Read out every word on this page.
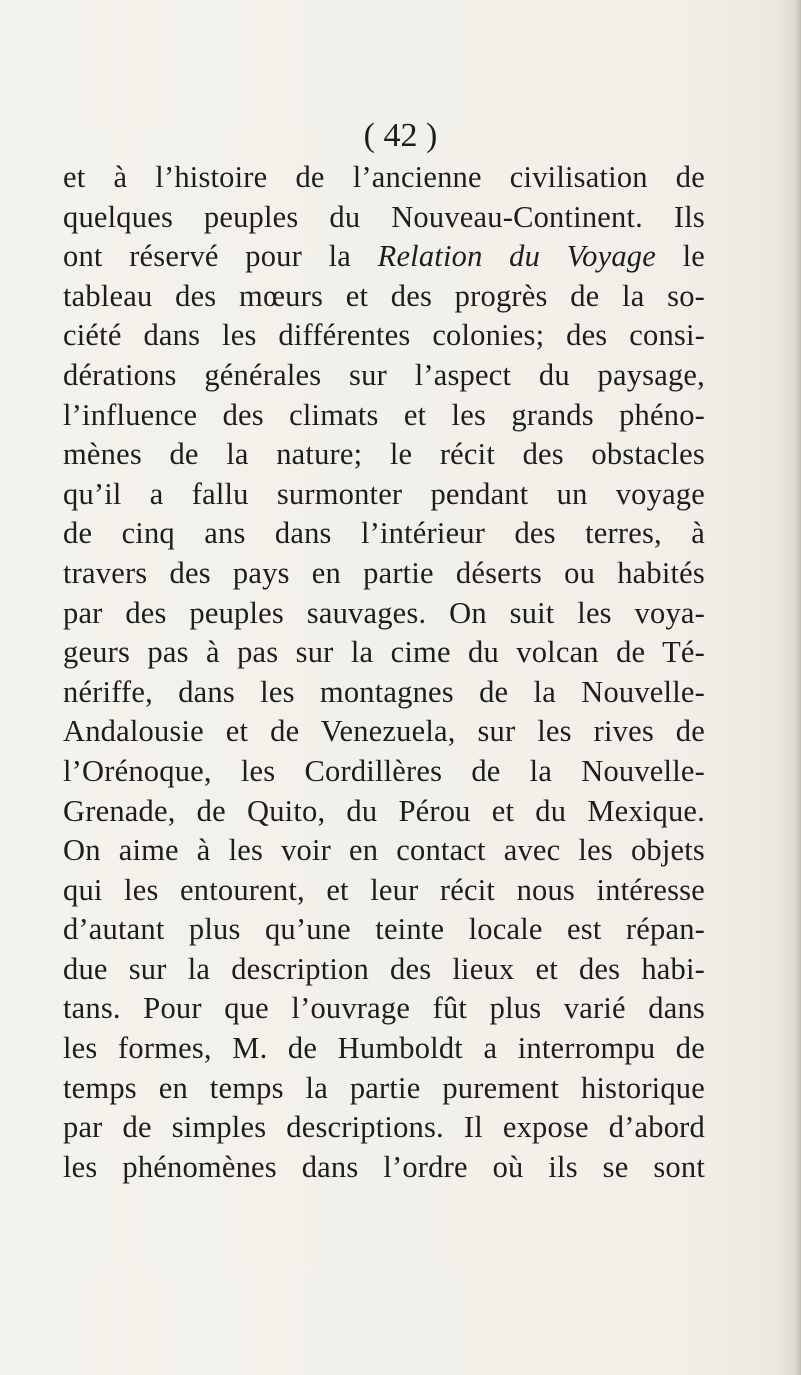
( 42 )

et à l’histoire de l’ancienne civilisation de
quelques peuples du Nouveau-Continent. Ils
ont réservé pour la Relation du Voyage le
tableau des mœurs et des progrès de la so-
ciété dans les différentes colonies; des consi-
dérations générales sur l’aspect du paysage,
l’influence des climats et les grands phéno-
mènes de la nature; le récit des obstacles
qu’il a fallu surmonter pendant un voyage
de cinq ans dans l’intérieur des terres, à
travers des pays en partie déserts ou habités
par des peuples sauvages. On suit les voya-
geurs pas à pas sur la cime du volcan de Té-
nériffe, dans les montagnes de la Nouvelle-
Andalousie et de Venezuela, sur les rives de
l’Orénoque, les Cordillères de la Nouvelle-
Grenade, de Quito, du Pérou et du Mexique.
On aime à les voir en contact avec les objets
qui les entourent, et leur récit nous intéresse
d’autant plus qu’une teinte locale est répan-
due sur la description des lieux et des habi-
tans. Pour que l’ouvrage fût plus varié dans
les formes, M. de Humboldt a interrompu de
temps en temps la partie purement historique
par de simples descriptions. Il expose d’abord
les phénomènes dans l’ordre où ils se sont
